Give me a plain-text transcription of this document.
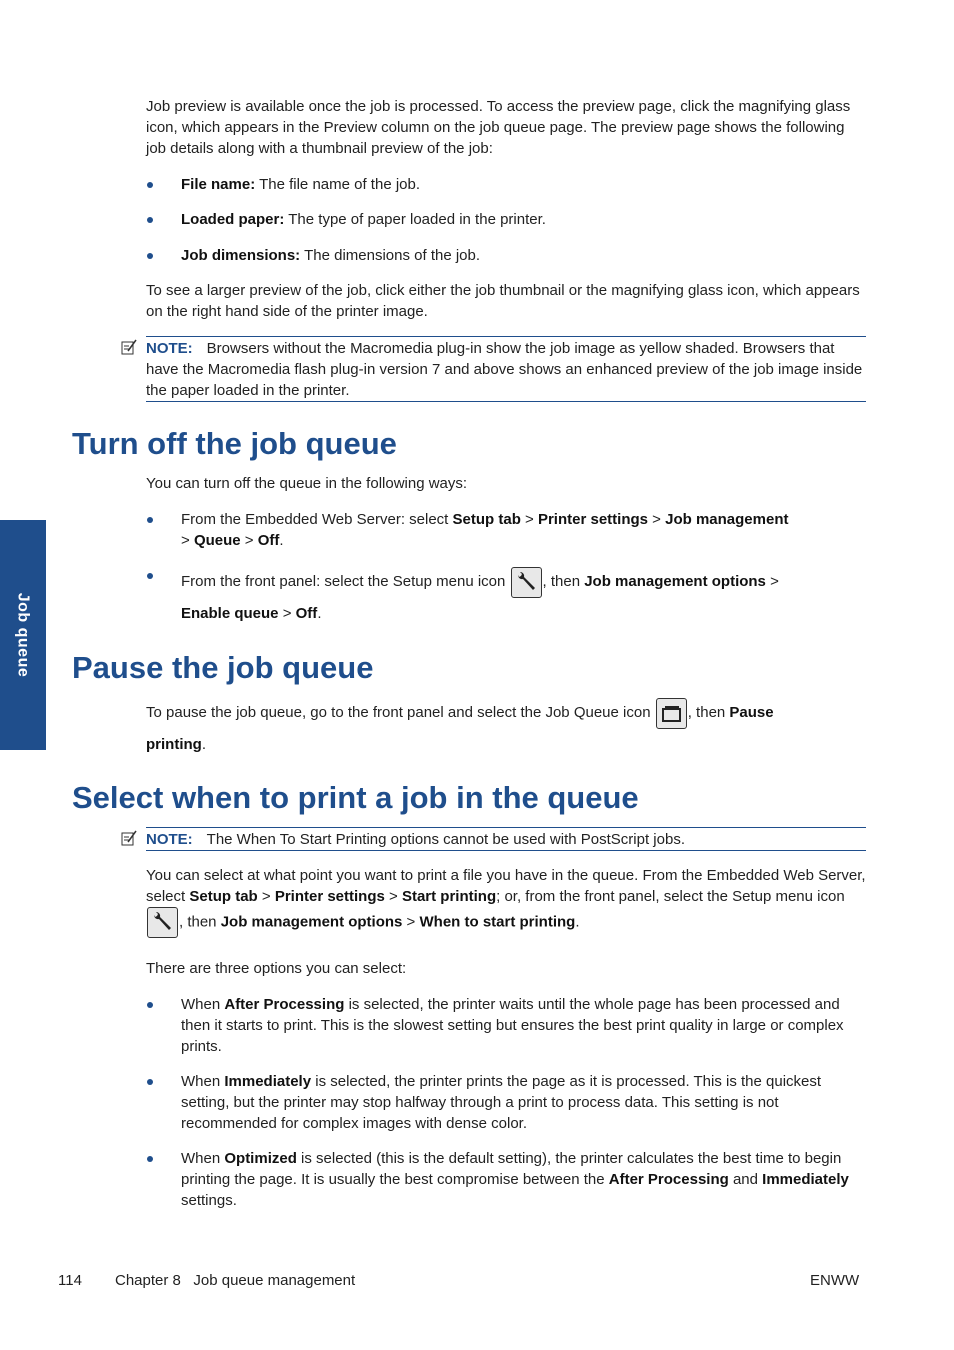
Job queue
Job preview is available once the job is processed. To access the preview page, click the magnifying glass icon, which appears in the Preview column on the job queue page. The preview page shows the following job details along with a thumbnail preview of the job:
File name: The file name of the job.
Loaded paper: The type of paper loaded in the printer.
Job dimensions: The dimensions of the job.
To see a larger preview of the job, click either the job thumbnail or the magnifying glass icon, which appears on the right hand side of the printer image.
NOTE: Browsers without the Macromedia plug-in show the job image as yellow shaded. Browsers that have the Macromedia flash plug-in version 7 and above shows an enhanced preview of the job image inside the paper loaded in the printer.
Turn off the job queue
You can turn off the queue in the following ways:
From the Embedded Web Server: select Setup tab > Printer settings > Job management
> Queue > Off.
From the front panel: select the Setup menu icon
, then Job management options >
Enable queue > Off.
Pause the job queue
To pause the job queue, go to the front panel and select the Job Queue icon
, then Pause
printing.
Select when to print a job in the queue
NOTE: The When To Start Printing options cannot be used with PostScript jobs.
You can select at what point you want to print a file you have in the queue. From the Embedded Web Server, select Setup tab > Printer settings > Start printing; or, from the front panel, select the Setup menu icon
, then Job management options > When to start printing.
There are three options you can select:
When After Processing is selected, the printer waits until the whole page has been processed and then it starts to print. This is the slowest setting but ensures the best print quality in large or complex prints.
When Immediately is selected, the printer prints the page as it is processed. This is the quickest setting, but the printer may stop halfway through a print to process data. This setting is not recommended for complex images with dense color.
When Optimized is selected (this is the default setting), the printer calculates the best time to begin printing the page. It is usually the best compromise between the After Processing and Immediately settings.
114 Chapter 8   Job queue management	ENWW
